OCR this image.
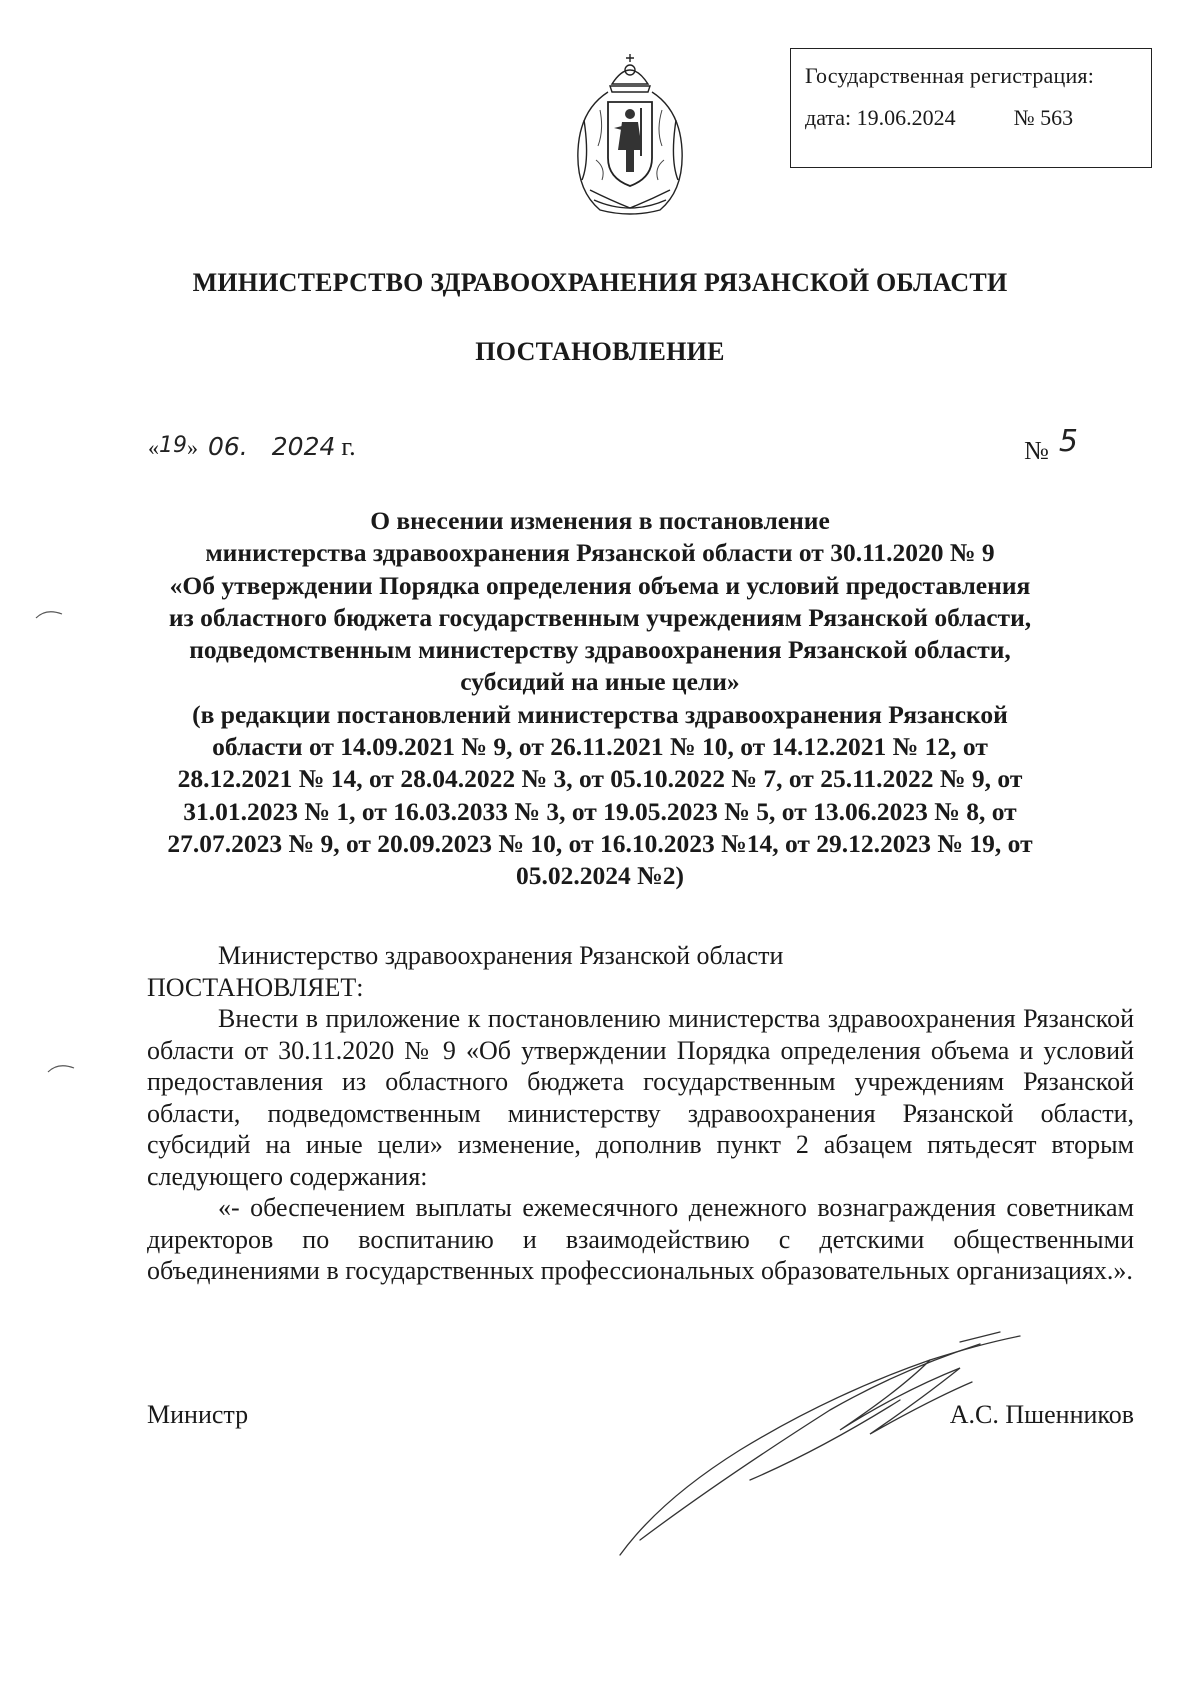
Государственная регистрация:
дата: 19.06.2024	№ 563
МИНИСТЕРСТВО ЗДРАВООХРАНЕНИЯ РЯЗАНСКОЙ ОБЛАСТИ
ПОСТАНОВЛЕНИЕ
«19» 06. 2024 г.	№ 5
О внесении изменения в постановление
министерства здравоохранения Рязанской области от 30.11.2020 № 9
«Об утверждении Порядка определения объема и условий предоставления
из областного бюджета государственным учреждениям Рязанской области,
подведомственным министерству здравоохранения Рязанской области,
субсидий на иные цели»
(в редакции постановлений министерства здравоохранения Рязанской
области от 14.09.2021 № 9, от 26.11.2021 № 10, от 14.12.2021 № 12, от
28.12.2021 № 14, от 28.04.2022 № 3, от 05.10.2022 № 7, от 25.11.2022 № 9, от
31.01.2023 № 1, от 16.03.2033 № 3, от 19.05.2023 № 5, от 13.06.2023 № 8, от
27.07.2023 № 9, от 20.09.2023 № 10, от 16.10.2023 №14, от 29.12.2023 № 19, от
05.02.2024 №2)

Министерство здравоохранения Рязанской области

ПОСТАНОВЛЯЕТ:

Внести в приложение к постановлению министерства здравоохранения Рязанской области от 30.11.2020 № 9 «Об утверждении Порядка определения объема и условий предоставления из областного бюджета государственным учреждениям Рязанской области, подведомственным министерству здравоохранения Рязанской области, субсидий на иные цели» изменение, дополнив пункт 2 абзацем пятьдесят вторым следующего содержания:

«- обеспечением выплаты ежемесячного денежного вознаграждения советникам директоров по воспитанию и взаимодействию с детскими общественными объединениями в государственных профессиональных образовательных организациях.».

Министр	А.С. Пшенников
